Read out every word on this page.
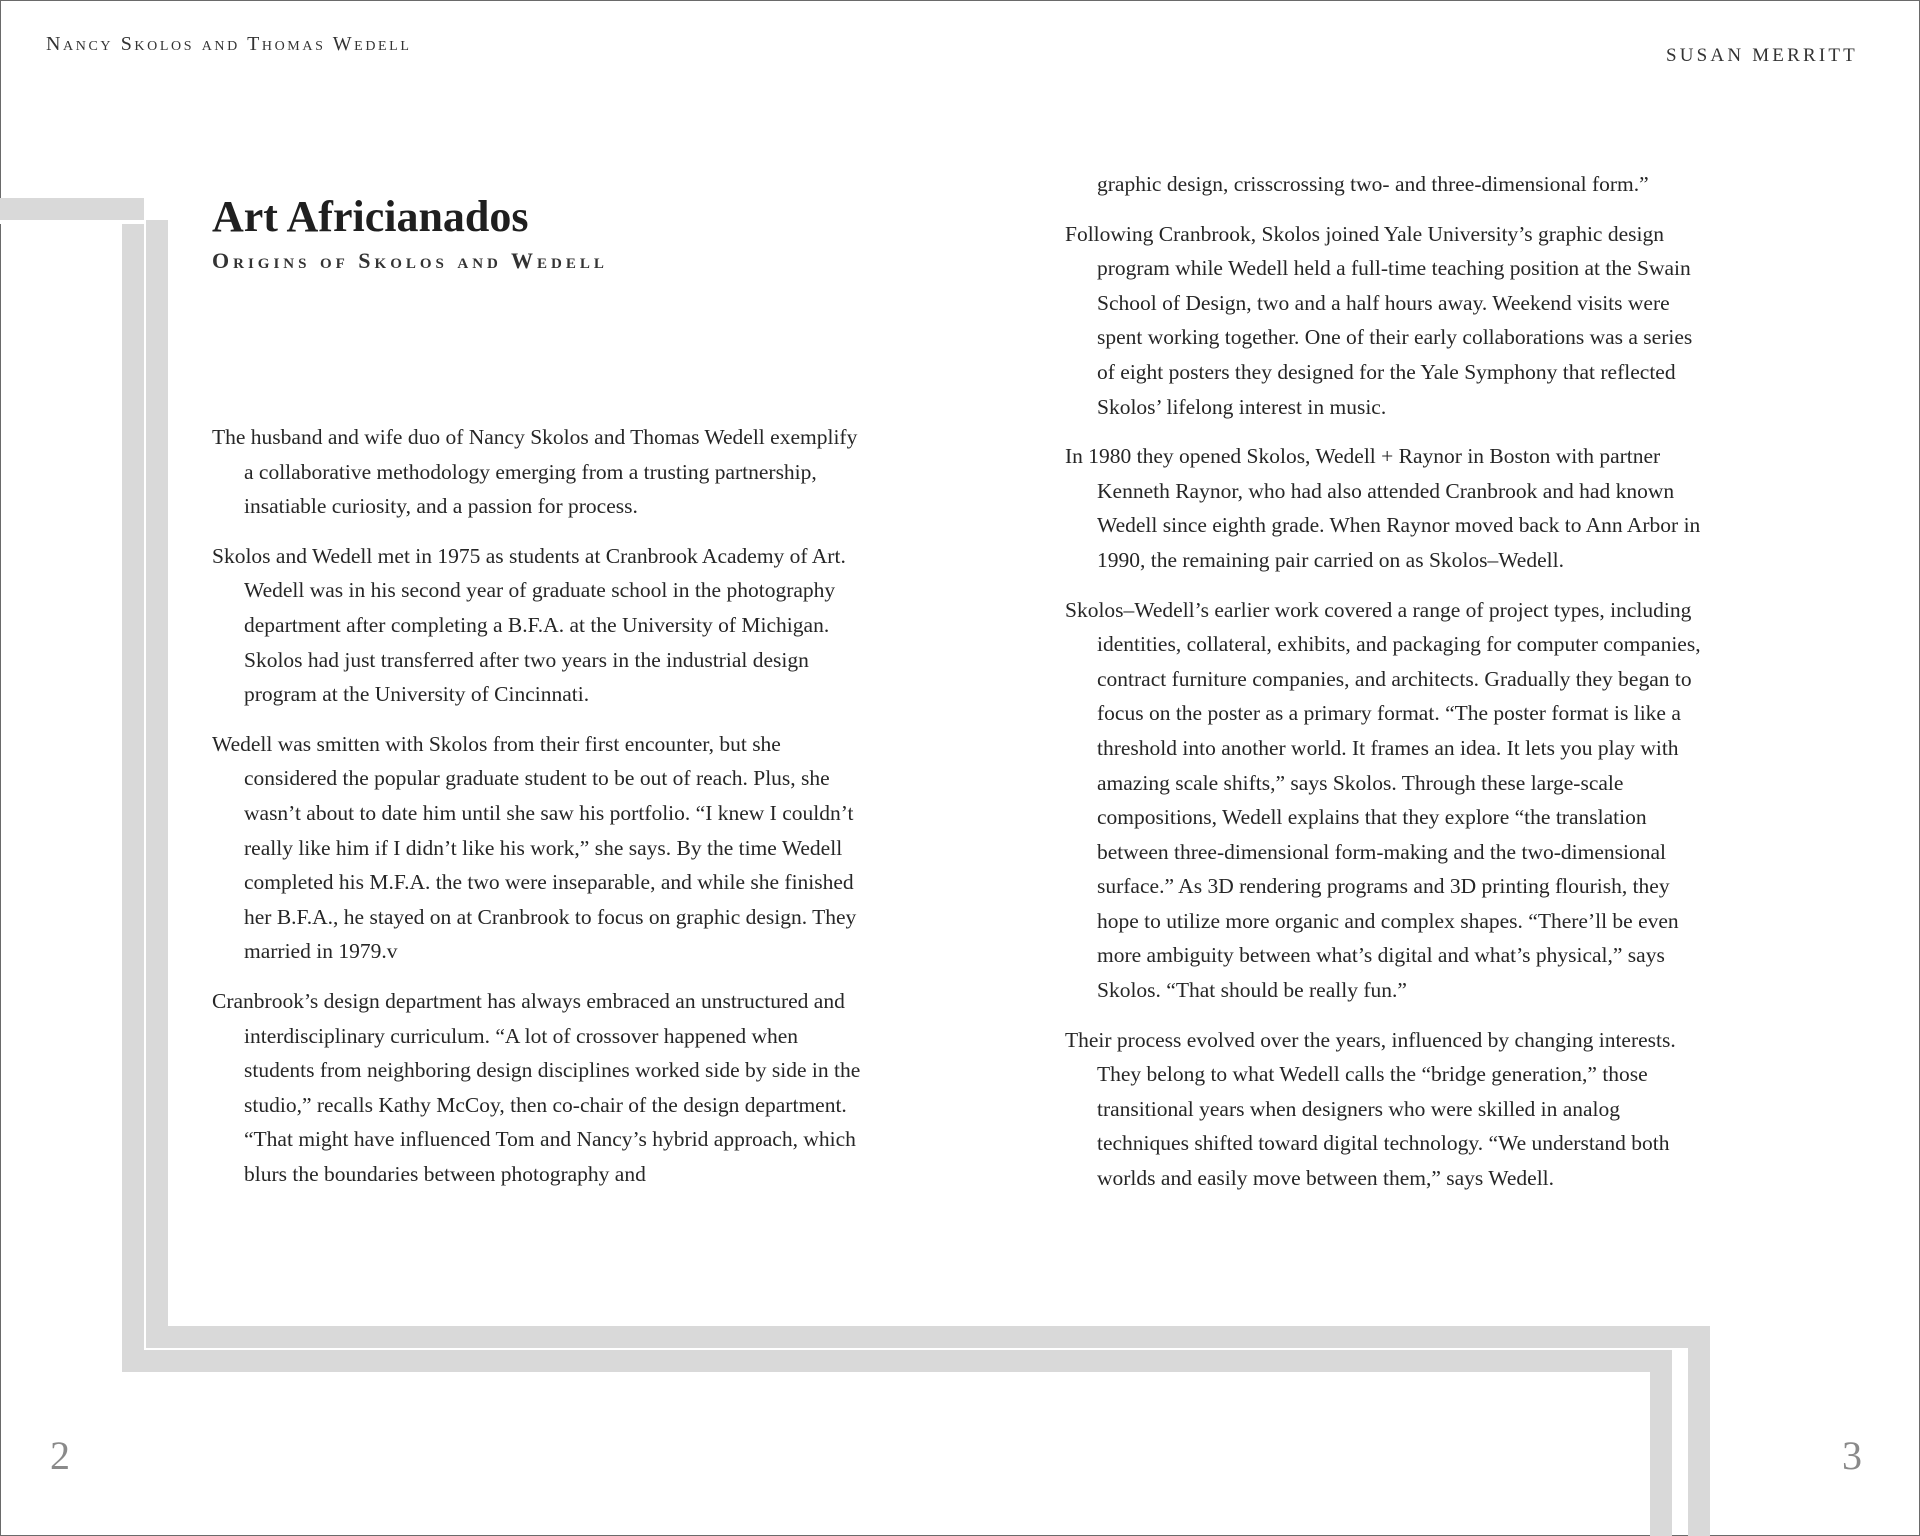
Nancy Skolos and Thomas Wedell
SUSAN MERRITT
Art Africianados
Origins of Skolos and Wedell

The husband and wife duo of Nancy Skolos and Thomas Wedell exemplify a collaborative methodology emerging from a trusting partnership, insatiable curiosity, and a passion for process.

Skolos and Wedell met in 1975 as students at Cranbrook Academy of Art. Wedell was in his second year of graduate school in the photography department after completing a B.F.A. at the University of Michigan. Skolos had just transferred after two years in the industrial design program at the University of Cincinnati.

Wedell was smitten with Skolos from their first encounter, but she considered the popular graduate student to be out of reach. Plus, she wasn’t about to date him until she saw his portfolio. “I knew I couldn’t really like him if I didn’t like his work,” she says. By the time Wedell completed his M.F.A. the two were inseparable, and while she finished her B.F.A., he stayed on at Cranbrook to focus on graphic design. They married in 1979.v

Cranbrook’s design department has always embraced an unstructured and interdisciplinary curriculum. “A lot of crossover happened when students from neighboring design disciplines worked side by side in the studio,” recalls Kathy McCoy, then co-chair of the design department. “That might have influenced Tom and Nancy’s hybrid approach, which blurs the boundaries between photography and

graphic design, crisscrossing two- and three-dimensional form.”

Following Cranbrook, Skolos joined Yale University’s graphic design program while Wedell held a full-time teaching position at the Swain School of Design, two and a half hours away. Weekend visits were spent working together. One of their early collaborations was a series of eight posters they designed for the Yale Symphony that reflected Skolos’ lifelong interest in music.

In 1980 they opened Skolos, Wedell + Raynor in Boston with partner Kenneth Raynor, who had also attended Cranbrook and had known Wedell since eighth grade. When Raynor moved back to Ann Arbor in 1990, the remaining pair carried on as Skolos–Wedell.

Skolos–Wedell’s earlier work covered a range of project types, including identities, collateral, exhibits, and packaging for computer companies, contract furniture companies, and architects. Gradually they began to focus on the poster as a primary format. “The poster format is like a threshold into another world. It frames an idea. It lets you play with amazing scale shifts,” says Skolos. Through these large-scale compositions, Wedell explains that they explore “the translation between three-dimensional form-making and the two-dimensional surface.” As 3D rendering programs and 3D printing flourish, they hope to utilize more organic and complex shapes. “There’ll be even more ambiguity between what’s digital and what’s physical,” says Skolos. “That should be really fun.”

Their process evolved over the years, influenced by changing interests. They belong to what Wedell calls the “bridge generation,” those transitional years when designers who were skilled in analog techniques shifted toward digital technology. “We understand both worlds and easily move between them,” says Wedell.

2	3
